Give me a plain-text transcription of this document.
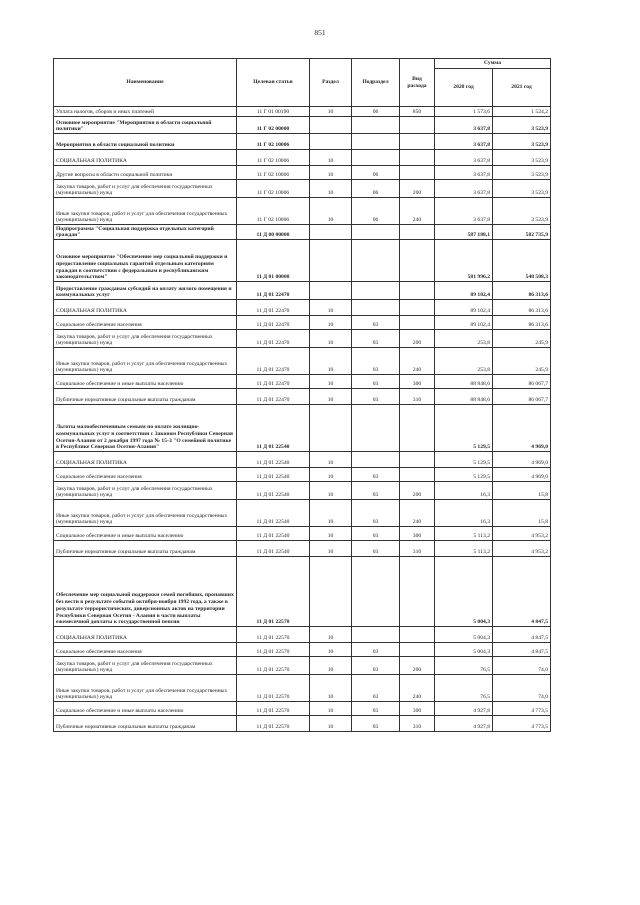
851
Наименование	Целевая статья	Раздел	Подраздел	Вид расхода	Сумма	
					2020 год	2021 год
Уплата налогов, сборов и иных платежей	11 Г 01 00190	10	06	850	1 573,6	1 524,2
Основное мероприятие "Мероприятия в области социальной политики"	11 Г 02 00000				3 637,8	3 523,9
Мероприятия в области социальной политики	11 Г 02 10006				3 637,8	3 523,9
СОЦИАЛЬНАЯ ПОЛИТИКА	11 Г 02 10006	10			3 637,8	3 523,9
Другие вопросы в области социальной политики	11 Г 02 10006	10	06		3 637,8	3 523,9
Закупка товаров, работ и услуг для обеспечения государственных (муниципальных) нужд	11 Г 02 10006	10	06	200	3 637,8	3 523,9
Иные закупки товаров, работ и услуг для обеспечения государственных (муниципальных) нужд	11 Г 02 10006	10	06	240	3 637,8	3 523,9
Подпрограмма "Социальная поддержка отдельных категорий граждан"	11 Д 00 00000				587 188,1	582 735,9
Основное мероприятие "Обеспечение мер социальной поддержки и предоставление социальных гарантий отдельным категориям граждан в соответствии с федеральным и республиканским законодательством"	11 Д 01 00000				581 996,2	548 508,3
Предоставление гражданам субсидий на оплату жилого помещения и коммунальных услуг	11 Д 01 22470				89 102,4	86 313,6
СОЦИАЛЬНАЯ ПОЛИТИКА	11 Д 01 22470	10			89 102,4	86 313,6
Социальное обеспечение населения	11 Д 01 22470	10	03		89 102,4	86 313,6
Закупка товаров, работ и услуг для обеспечения государственных (муниципальных) нужд	11 Д 01 22470	10	03	200	253,8	245,9
Иные закупки товаров, работ и услуг для обеспечения государственных (муниципальных) нужд	11 Д 01 22470	10	03	240	253,8	245,9
Социальное обеспечение и иные выплаты населению	11 Д 01 22470	10	03	300	88 848,6	86 067,7
Публичные нормативные социальные выплаты гражданам	11 Д 01 22470	10	03	310	88 848,6	86 067,7
Льготы малообеспеченным семьям по оплате жилищно-коммунальных услуг в соответствии с Законом Республики Северная Осетия-Алания от 2 декабря 1997 года № 15-З "О семейной политике в Республике Северная Осетия-Алания"	11 Д 01 22540				5 129,5	4 969,0
СОЦИАЛЬНАЯ ПОЛИТИКА	11 Д 01 22540	10			5 129,5	4 969,0
Социальное обеспечение населения	11 Д 01 22540	10	03		5 129,5	4 969,0
Закупка товаров, работ и услуг для обеспечения государственных (муниципальных) нужд	11 Д 01 22540	10	03	200	16,3	15,8
Иные закупки товаров, работ и услуг для обеспечения государственных (муниципальных) нужд	11 Д 01 22540	10	03	240	16,3	15,8
Социальное обеспечение и иные выплаты населению	11 Д 01 22540	10	03	300	5 113,2	4 953,2
Публичные нормативные социальные выплаты гражданам	11 Д 01 22540	10	03	310	5 113,2	4 953,2
Обеспечение мер социальной поддержки семей погибших, пропавших без вести в результате событий октября-ноября 1992 года, а также в результате террористических, диверсионных актов на территории Республики Северная Осетия - Алания в части выплаты ежемесячной доплаты к государственной пенсии	11 Д 01 22570				5 004,3	4 847,5
СОЦИАЛЬНАЯ ПОЛИТИКА	11 Д 01 22570	10			5 004,3	4 847,5
Социальное обеспечение населения	11 Д 01 22570	10	03		5 004,3	4 847,5
Закупка товаров, работ и услуг для обеспечения государственных (муниципальных) нужд	11 Д 01 22570	10	03	200	76,5	74,0
Иные закупки товаров, работ и услуг для обеспечения государственных (муниципальных) нужд	11 Д 01 22570	10	03	240	76,5	74,0
Социальное обеспечение и иные выплаты населению	11 Д 01 22570	10	03	300	4 927,8	4 773,5
Публичные нормативные социальные выплаты гражданам	11 Д 01 22570	10	03	310	4 927,8	4 773,5
